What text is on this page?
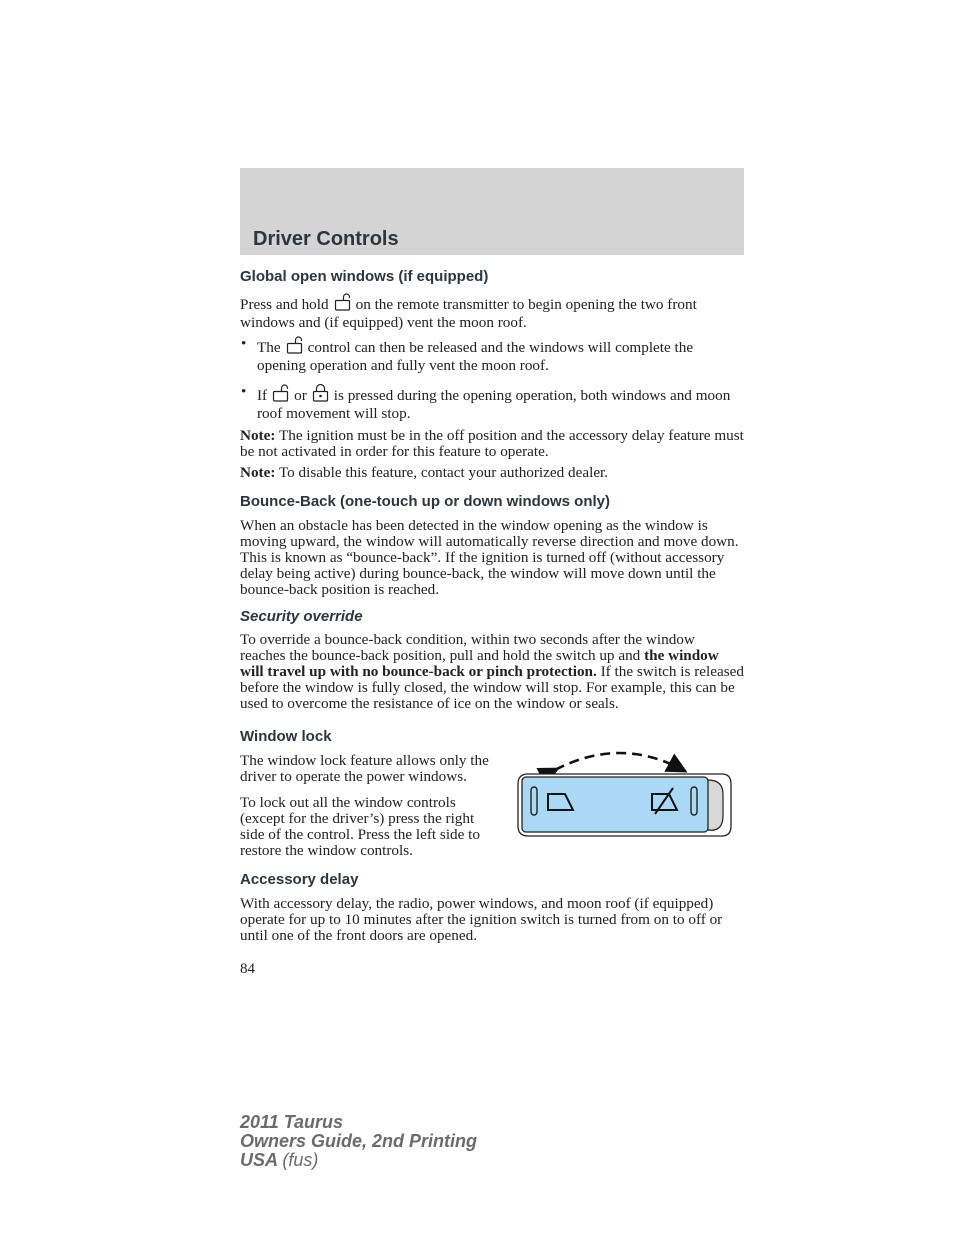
Driver Controls
Global open windows (if equipped)

Press and hold on the remote transmitter to begin opening the two front windows and (if equipped) vent the moon roof.

• The control can then be released and the windows will complete the opening operation and fully vent the moon roof.
• If or is pressed during the opening operation, both windows and moon roof movement will stop.

Note: The ignition must be in the off position and the accessory delay feature must be not activated in order for this feature to operate.

Note: To disable this feature, contact your authorized dealer.

Bounce-Back (one-touch up or down windows only)

When an obstacle has been detected in the window opening as the window is moving upward, the window will automatically reverse direction and move down. This is known as “bounce-back”. If the ignition is turned off (without accessory delay being active) during bounce-back, the window will move down until the bounce-back position is reached.

Security override

To override a bounce-back condition, within two seconds after the window reaches the bounce-back position, pull and hold the switch up and the window will travel up with no bounce-back or pinch protection. If the switch is released before the window is fully closed, the window will stop. For example, this can be used to overcome the resistance of ice on the window or seals.

Window lock

The window lock feature allows only the driver to operate the power windows.

To lock out all the window controls (except for the driver’s) press the right side of the control. Press the left side to restore the window controls.

Accessory delay

With accessory delay, the radio, power windows, and moon roof (if equipped) operate for up to 10 minutes after the ignition switch is turned from on to off or until one of the front doors are opened.

84
2011 Taurus
Owners Guide, 2nd Printing
USA (fus)
